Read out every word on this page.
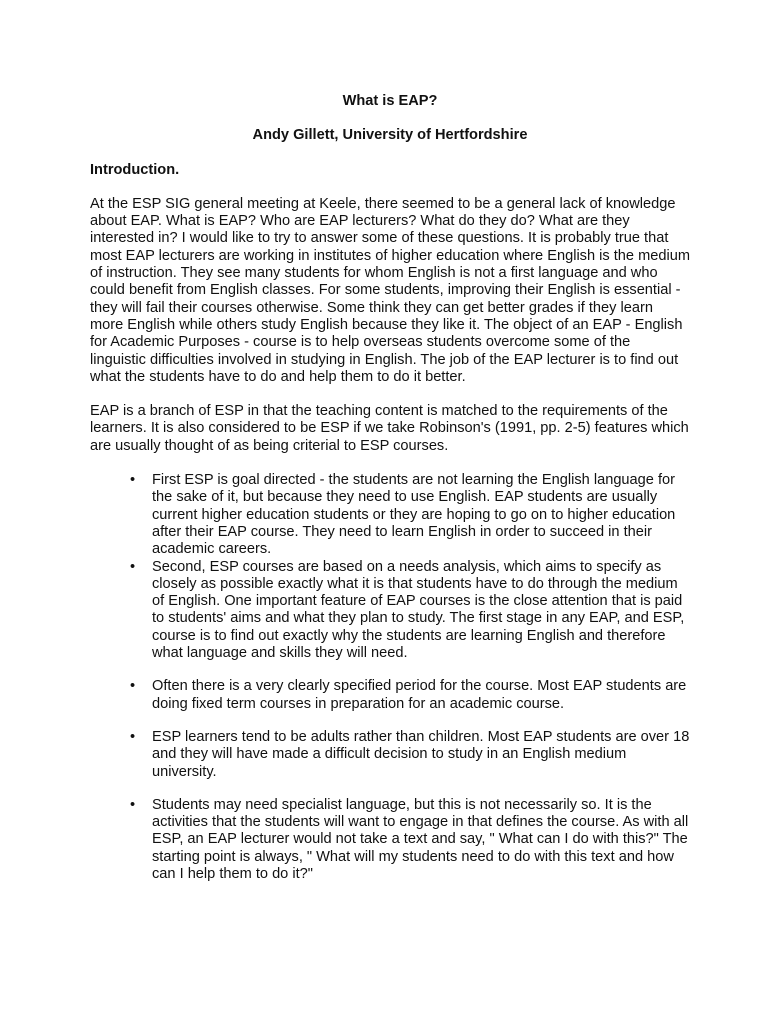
What is EAP?
Andy Gillett, University of Hertfordshire
Introduction.

At the ESP SIG general meeting at Keele, there seemed to be a general lack of knowledge about EAP. What is EAP? Who are EAP lecturers? What do they do? What are they interested in? I would like to try to answer some of these questions. It is probably true that most EAP lecturers are working in institutes of higher education where English is the medium of instruction. They see many students for whom English is not a first language and who could benefit from English classes. For some students, improving their English is essential - they will fail their courses otherwise. Some think they can get better grades if they learn more English while others study English because they like it. The object of an EAP - English for Academic Purposes - course is to help overseas students overcome some of the linguistic difficulties involved in studying in English. The job of the EAP lecturer is to find out what the students have to do and help them to do it better.

EAP is a branch of ESP in that the teaching content is matched to the requirements of the learners. It is also considered to be ESP if we take Robinson's (1991, pp. 2-5) features which are usually thought of as being criterial to ESP courses.

• First ESP is goal directed - the students are not learning the English language for the sake of it, but because they need to use English. EAP students are usually current higher education students or they are hoping to go on to higher education after their EAP course. They need to learn English in order to succeed in their academic careers.
• Second, ESP courses are based on a needs analysis, which aims to specify as closely as possible exactly what it is that students have to do through the medium of English. One important feature of EAP courses is the close attention that is paid to students' aims and what they plan to study. The first stage in any EAP, and ESP, course is to find out exactly why the students are learning English and therefore what language and skills they will need.
• Often there is a very clearly specified period for the course. Most EAP students are doing fixed term courses in preparation for an academic course.
• ESP learners tend to be adults rather than children. Most EAP students are over 18 and they will have made a difficult decision to study in an English medium university.
• Students may need specialist language, but this is not necessarily so. It is the activities that the students will want to engage in that defines the course. As with all ESP, an EAP lecturer would not take a text and say, " What can I do with this?" The starting point is always, " What will my students need to do with this text and how can I help them to do it?"
